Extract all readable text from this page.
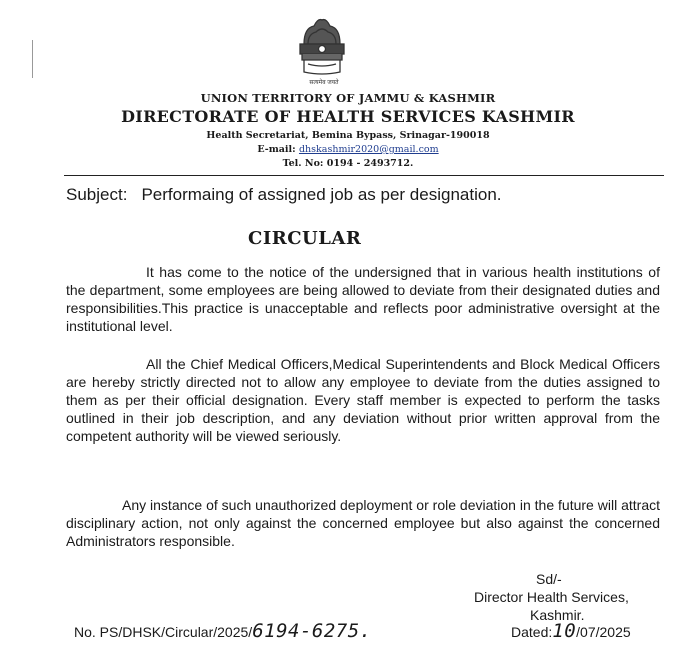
सत्यमेव जयते
UNION TERRITORY OF JAMMU & KASHMIR
DIRECTORATE OF HEALTH SERVICES KASHMIR
Health Secretariat, Bemina Bypass, Srinagar-190018
E-mail: dhskashmir2020@gmail.com
Tel. No: 0194 - 2493712.
Subject: Performaing of assigned job as per designation.
CIRCULAR
It has come to the notice of the undersigned that in various health institutions of the department, some employees are being allowed to deviate from their designated duties and responsibilities.This practice is unacceptable and reflects poor administrative oversight at the institutional level.
All the Chief Medical Officers,Medical Superintendents and Block Medical Officers are hereby strictly directed not to allow any employee to deviate from the duties assigned to them as per their official designation. Every staff member is expected to perform the tasks outlined in their job description, and any deviation without prior written approval from the competent authority will be viewed seriously.
Any instance of such unauthorized deployment or role deviation in the future will attract disciplinary action, not only against the concerned employee but also against the concerned Administrators responsible.
Sd/-
Director Health Services,
Kashmir.
No. PS/DHSK/Circular/2025/6194-6275.	Dated:10/07/2025
